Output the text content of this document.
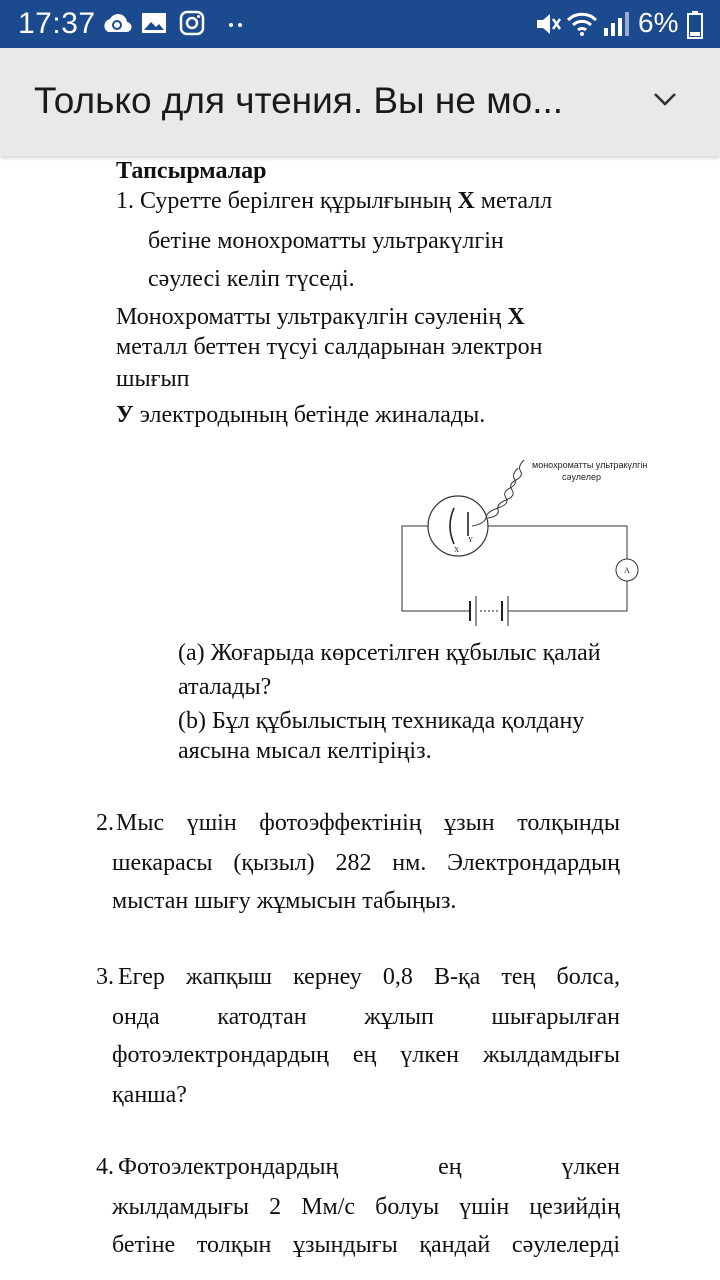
17:37	6%
Только для чтения. Вы не мо...

Тапсырмалар

1. Суретте берілген құрылғының X металл

бетіне монохроматты ультракүлгін

сәулесі келіп түседі.

Монохроматты ультракүлгін сәуленің X

металл беттен түсуі салдарынан электрон

шығып

У электродының бетінде жиналады.

монохроматты ультракүлгін
сәулелер
X
Y
A

(a) Жоғарыда көрсетілген құбылыс қалай

аталады?

(b) Бұл құбылыстың техникада қолдану

аясына мысал келтіріңіз.

2. Мыс үшін фотоэффектінің ұзын толқынды

шекарасы (қызыл) 282 нм. Электрондардың

мыстан шығу жұмысын табыңыз.

3. Егер жапқыш кернеу 0,8 В-қа тең болса,

онда катодтан жұлып шығарылған

фотоэлектрондардың ең үлкен жылдамдығы

қанша?

4. Фотоэлектрондардың ең үлкен

жылдамдығы 2 Мм/с болуы үшін цезийдің

бетіне толқын ұзындығы қандай сәулелерді
